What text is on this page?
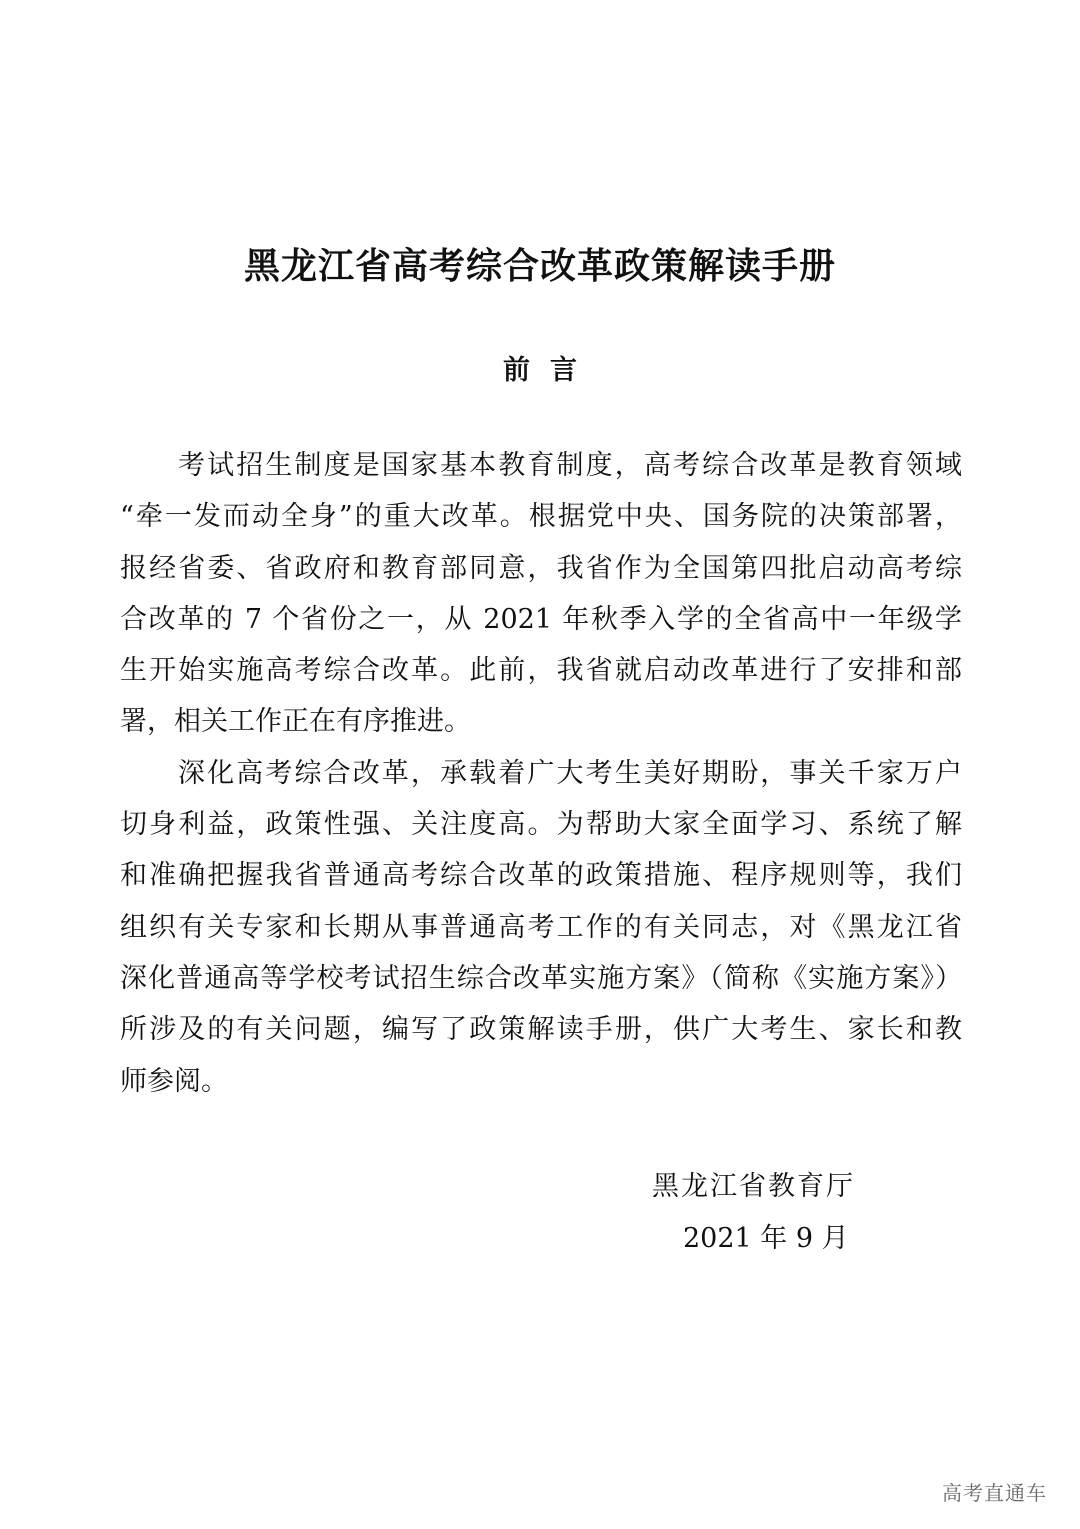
黑龙江省高考综合改革政策解读手册
前言
考试招生制度是国家基本教育制度，高考综合改革是教育领域
“牵一发而动全身”的重大改革。根据党中央、国务院的决策部署，
报经省委、省政府和教育部同意，我省作为全国第四批启动高考综
合改革的 7 个省份之一，从 2021 年秋季入学的全省高中一年级学
生开始实施高考综合改革。此前，我省就启动改革进行了安排和部
署，相关工作正在有序推进。
深化高考综合改革，承载着广大考生美好期盼，事关千家万户
切身利益，政策性强、关注度高。为帮助大家全面学习、系统了解
和准确把握我省普通高考综合改革的政策措施、程序规则等，我们
组织有关专家和长期从事普通高考工作的有关同志，对《黑龙江省
深化普通高等学校考试招生综合改革实施方案》（简称《实施方案》）
所涉及的有关问题，编写了政策解读手册，供广大考生、家长和教
师参阅。
黑龙江省教育厅
2021 年 9 月
高考直通车
